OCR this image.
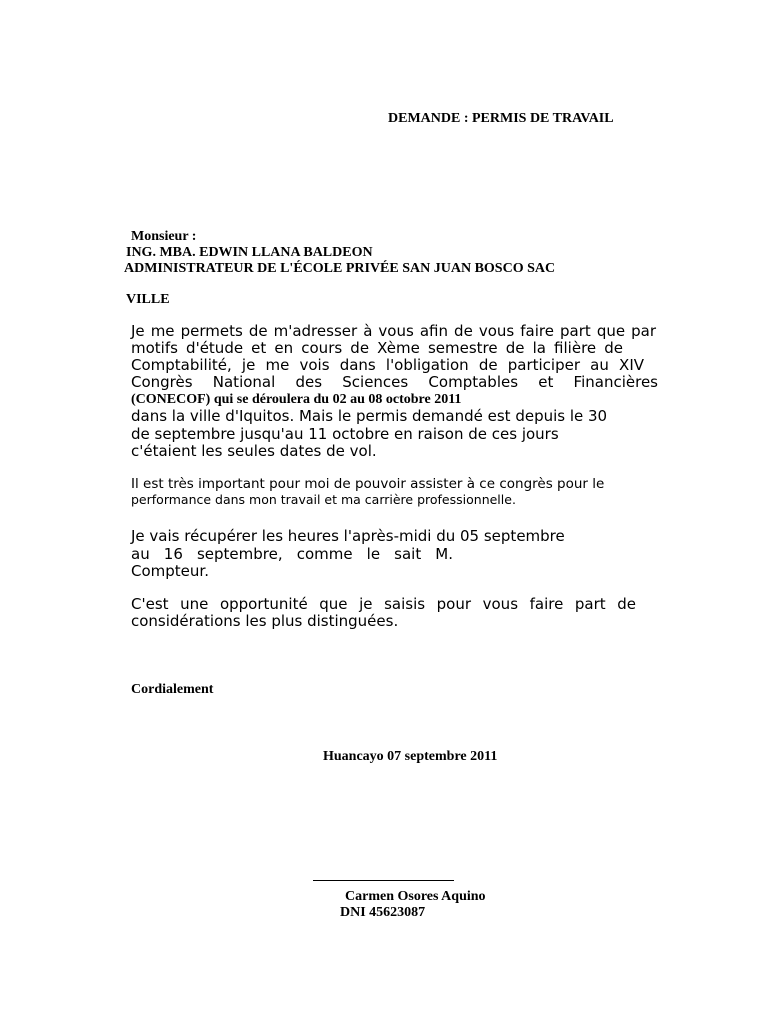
DEMANDE : PERMIS DE TRAVAIL
Monsieur :
ING. MBA. EDWIN LLANA BALDEON
ADMINISTRATEUR DE L'ÉCOLE PRIVÉE SAN JUAN BOSCO SAC
VILLE
Je me permets de m'adresser à vous afin de vous faire part que par
motifs d'étude et en cours de Xème semestre de la filière de
Comptabilité, je me vois dans l'obligation de participer au XIV
Congrès National des Sciences Comptables et Financières
(CONECOF) qui se déroulera du 02 au 08 octobre 2011
dans la ville d'Iquitos. Mais le permis demandé est depuis le 30
de septembre jusqu'au 11 octobre en raison de ces jours
c'étaient les seules dates de vol.
Il est très important pour moi de pouvoir assister à ce congrès pour le
performance dans mon travail et ma carrière professionnelle.
Je vais récupérer les heures l'après-midi du 05 septembre
au 16 septembre, comme le sait M.
Compteur.
C'est une opportunité que je saisis pour vous faire part de
considérations les plus distinguées.
Cordialement
Huancayo 07 septembre 2011
Carmen Osores Aquino
DNI 45623087
